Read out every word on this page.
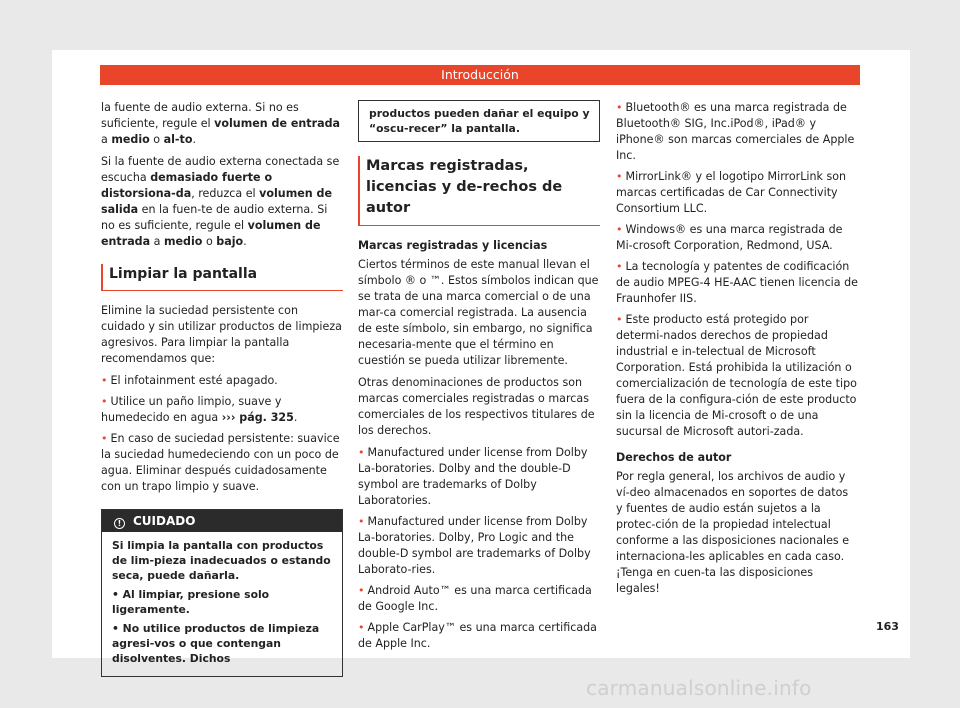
Introducción

la fuente de audio externa. Si no es suficiente, regule el volumen de entrada a medio o al-to.

Si la fuente de audio externa conectada se escucha demasiado fuerte o distorsiona-da, reduzca el volumen de salida en la fuen-te de audio externa. Si no es suficiente, regule el volumen de entrada a medio o bajo.

Limpiar la pantalla

Elimine la suciedad persistente con cuidado y sin utilizar productos de limpieza agresivos. Para limpiar la pantalla recomendamos que:

• El infotainment esté apagado.
• Utilice un paño limpio, suave y humedecido en agua ››› pág. 325.
• En caso de suciedad persistente: suavice la suciedad humedeciendo con un poco de agua. Eliminar después cuidadosamente con un trapo limpio y suave.
! CUIDADO

Si limpia la pantalla con productos de lim-pieza inadecuados o estando seca, puede dañarla.

• Al limpiar, presione solo ligeramente.

• No utilice productos de limpieza agresi-vos o que contengan disolventes. Dichos

productos pueden dañar el equipo y “oscu-recer” la pantalla.
Marcas registradas, licencias y de-rechos de autor
Marcas registradas y licencias

Ciertos términos de este manual llevan el símbolo ® o ™. Estos símbolos indican que se trata de una marca comercial o de una mar-ca comercial registrada. La ausencia de este símbolo, sin embargo, no significa necesaria-mente que el término en cuestión se pueda utilizar libremente.

Otras denominaciones de productos son marcas comerciales registradas o marcas comerciales de los respectivos titulares de los derechos.

• Manufactured under license from Dolby La-boratories. Dolby and the double-D symbol are trademarks of Dolby Laboratories.
• Manufactured under license from Dolby La-boratories. Dolby, Pro Logic and the double-D symbol are trademarks of Dolby Laborato-ries.
• Android Auto™ es una marca certificada de Google Inc.
• Apple CarPlay™ es una marca certificada de Apple Inc.
• Bluetooth® es una marca registrada de Bluetooth® SIG, Inc.iPod®, iPad® y iPhone® son marcas comerciales de Apple Inc.
• MirrorLink® y el logotipo MirrorLink son marcas certificadas de Car Connectivity Consortium LLC.
• Windows® es una marca registrada de Mi-crosoft Corporation, Redmond, USA.
• La tecnología y patentes de codificación de audio MPEG-4 HE-AAC tienen licencia de Fraunhofer IIS.
• Este producto está protegido por determi-nados derechos de propiedad industrial e in-telectual de Microsoft Corporation. Está prohibida la utilización o comercialización de tecnología de este tipo fuera de la configura-ción de este producto sin la licencia de Mi-crosoft o de una sucursal de Microsoft autori-zada.
Derechos de autor

Por regla general, los archivos de audio y ví-deo almacenados en soportes de datos y fuentes de audio están sujetos a la protec-ción de la propiedad intelectual conforme a las disposiciones nacionales e internaciona-les aplicables en cada caso. ¡Tenga en cuen-ta las disposiciones legales!

163
carmanualsonline.info
